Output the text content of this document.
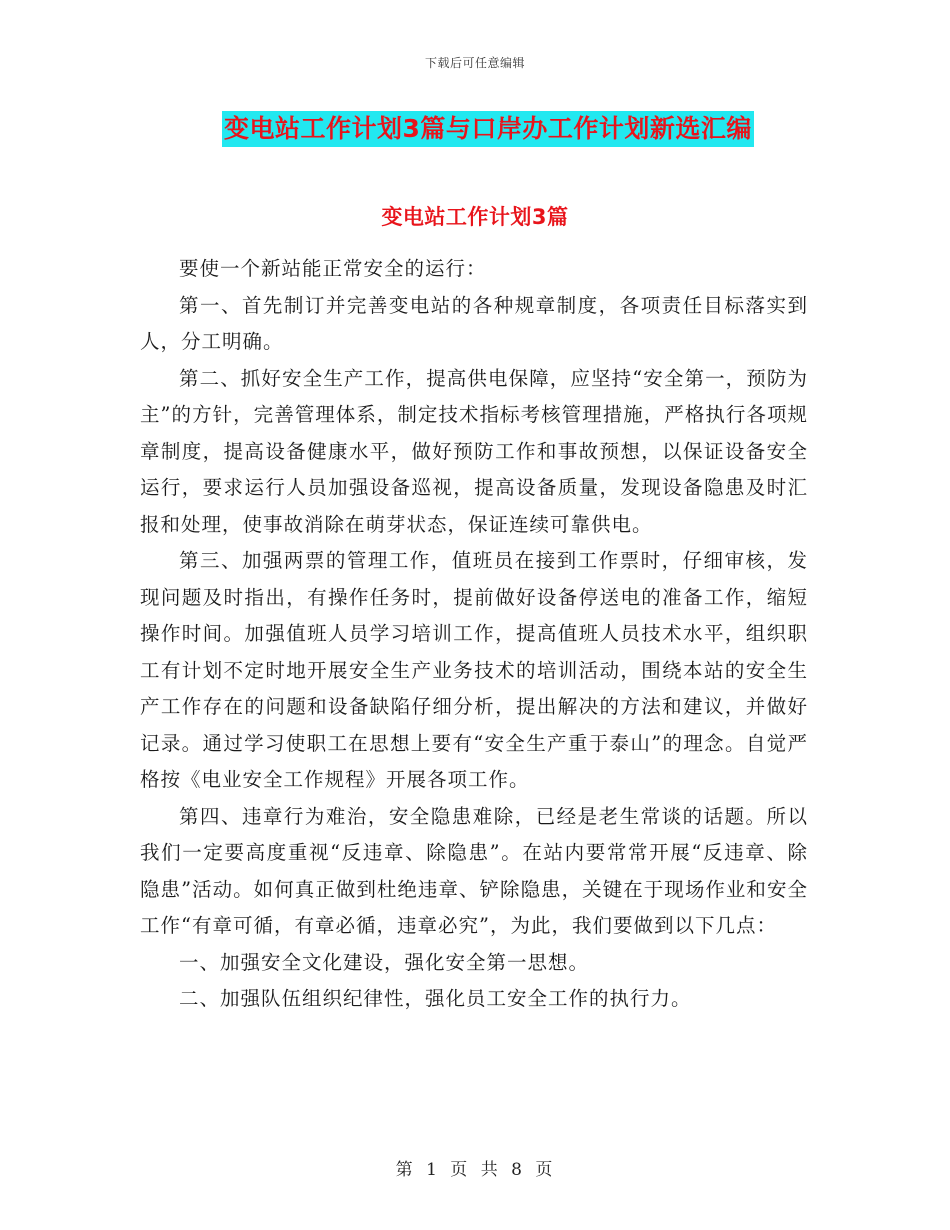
下载后可任意编辑
变电站工作计划3篇与口岸办工作计划新选汇编
变电站工作计划3篇

要使一个新站能正常安全的运行：

第一、首先制订并完善变电站的各种规章制度，各项责任目标落实到人，分工明确。

第二、抓好安全生产工作，提高供电保障，应坚持“安全第一，预防为主”的方针，完善管理体系，制定技术指标考核管理措施，严格执行各项规章制度，提高设备健康水平，做好预防工作和事故预想，以保证设备安全运行，要求运行人员加强设备巡视，提高设备质量，发现设备隐患及时汇报和处理，使事故消除在萌芽状态，保证连续可靠供电。

第三、加强两票的管理工作，值班员在接到工作票时，仔细审核，发现问题及时指出，有操作任务时，提前做好设备停送电的准备工作，缩短操作时间。加强值班人员学习培训工作，提高值班人员技术水平，组织职工有计划不定时地开展安全生产业务技术的培训活动，围绕本站的安全生产工作存在的问题和设备缺陷仔细分析，提出解决的方法和建议，并做好记录。通过学习使职工在思想上要有“安全生产重于泰山”的理念。自觉严格按《电业安全工作规程》开展各项工作。

第四、违章行为难治，安全隐患难除，已经是老生常谈的话题。所以我们一定要高度重视“反违章、除隐患”。在站内要常常开展“反违章、除隐患”活动。如何真正做到杜绝违章、铲除隐患，关键在于现场作业和安全工作“有章可循，有章必循，违章必究”，为此，我们要做到以下几点：

一、加强安全文化建设，强化安全第一思想。

二、加强队伍组织纪律性，强化员工安全工作的执行力。

第 1 页 共 8 页
